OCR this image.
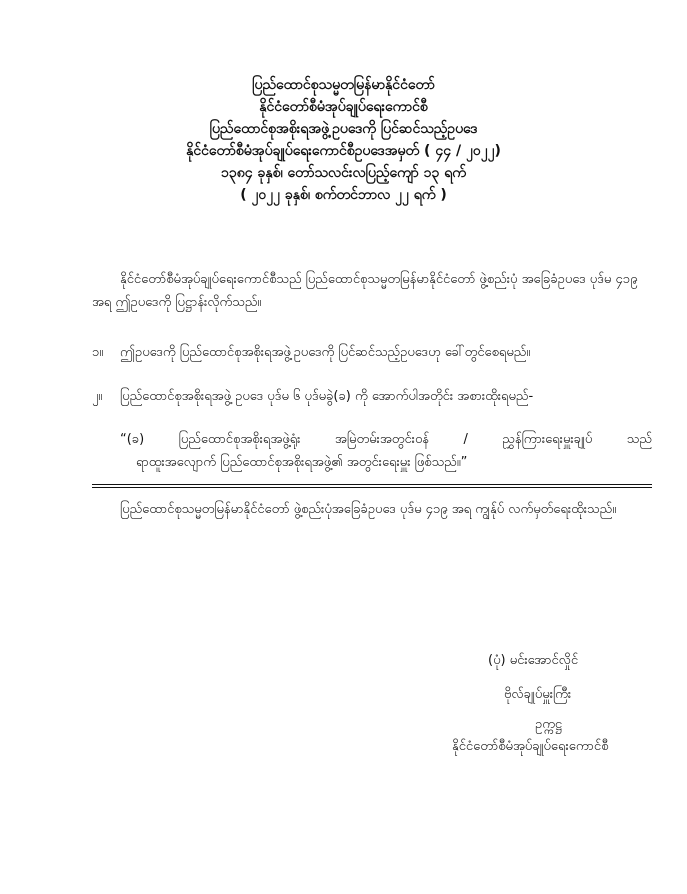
ပြည်ထောင်စုသမ္မတမြန်မာနိုင်ငံတော်
နိုင်ငံတော်စီမံအုပ်ချုပ်ရေးကောင်စီ
ပြည်ထောင်စုအစိုးရအဖွဲ့ဥပဒေကို ပြင်ဆင်သည့်ဥပဒေ
နိုင်ငံတော်စီမံအုပ်ချုပ်ရေးကောင်စီဥပဒေအမှတ် ( ၄၄ / ၂၀၂၂)
၁၃၈၄ ခုနှစ်၊ တော်သလင်းလပြည့်ကျော် ၁၃ ရက်
( ၂၀၂၂ ခုနှစ်၊ စက်တင်ဘာလ ၂၂ ရက် )
နိုင်ငံတော်စီမံအုပ်ချုပ်ရေးကောင်စီသည် ပြည်ထောင်စုသမ္မတမြန်မာနိုင်ငံတော် ဖွဲ့စည်းပုံ အခြေခံဥပဒေ ပုဒ်မ ၄၁၉ အရ ဤဥပဒေကို ပြဋ္ဌာန်းလိုက်သည်။
၁။ ဤဥပဒေကို ပြည်ထောင်စုအစိုးရအဖွဲ့ဥပဒေကို ပြင်ဆင်သည့်ဥပဒေဟု ခေါ်တွင်စေရမည်။
၂။ ပြည်ထောင်စုအစိုးရအဖွဲ့ ဥပဒေ ပုဒ်မ ၆ ပုဒ်မခွဲ(ခ) ကို အောက်ပါအတိုင်း အစားထိုးရမည်-
“(ခ)	ပြည်ထောင်စုအစိုးရအဖွဲ့ရုံး	အမြဲတမ်းအတွင်းဝန်	/	ညွှန်ကြားရေးမှူးချုပ်	သည်
ရာထူးအလျောက် ပြည်ထောင်စုအစိုးရအဖွဲ့၏ အတွင်းရေးမှူး ဖြစ်သည်။”
ပြည်ထောင်စုသမ္မတမြန်မာနိုင်ငံတော် ဖွဲ့စည်းပုံအခြေခံဥပဒေ ပုဒ်မ ၄၁၉ အရ ကျွန်ုပ် လက်မှတ်ရေးထိုးသည်။
(ပုံ) မင်းအောင်လှိုင်
ဗိုလ်ချုပ်မှူးကြီး
ဥက္ကဋ္ဌ
နိုင်ငံတော်စီမံအုပ်ချုပ်ရေးကောင်စီ
